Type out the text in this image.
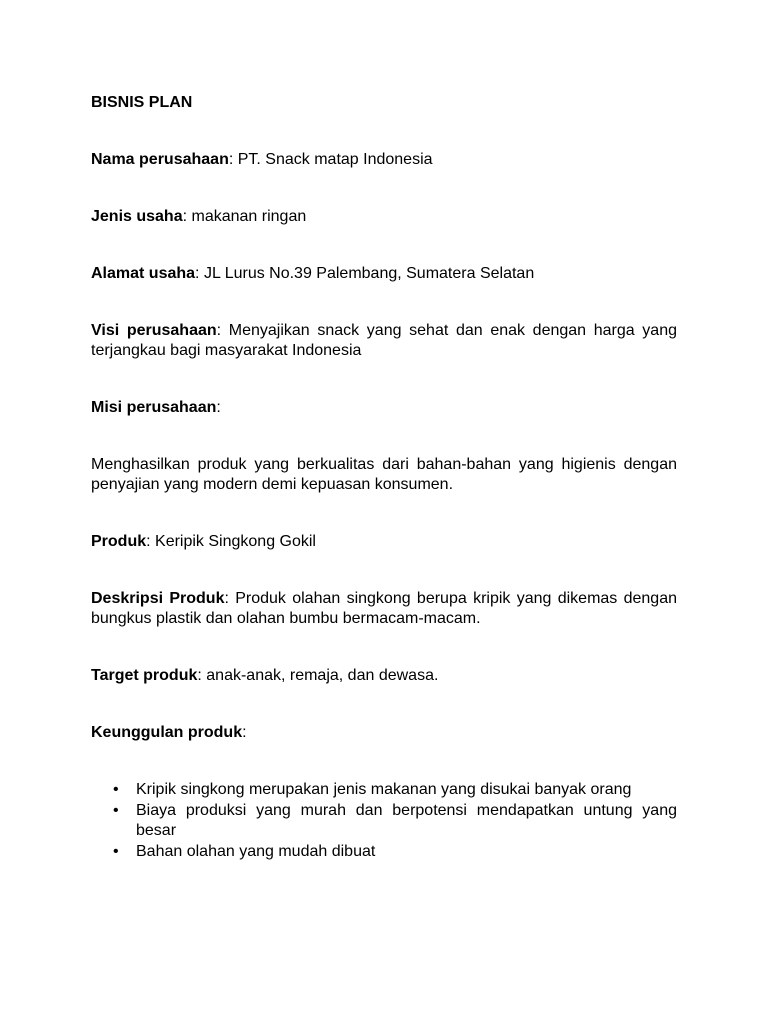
BISNIS PLAN
Nama perusahaan: PT. Snack matap Indonesia
Jenis usaha: makanan ringan
Alamat usaha: JL Lurus No.39 Palembang, Sumatera Selatan
Visi perusahaan: Menyajikan snack yang sehat dan enak dengan harga yang terjangkau bagi masyarakat Indonesia
Misi perusahaan:
Menghasilkan produk yang berkualitas dari bahan-bahan yang higienis dengan penyajian yang modern demi kepuasan konsumen.
Produk: Keripik Singkong Gokil
Deskripsi Produk: Produk olahan singkong berupa kripik yang dikemas dengan bungkus plastik dan olahan bumbu bermacam-macam.
Target produk: anak-anak, remaja, dan dewasa.
Keunggulan produk:
• Kripik singkong merupakan jenis makanan yang disukai banyak orang
• Biaya produksi yang murah dan berpotensi mendapatkan untung yang besar
• Bahan olahan yang mudah dibuat
